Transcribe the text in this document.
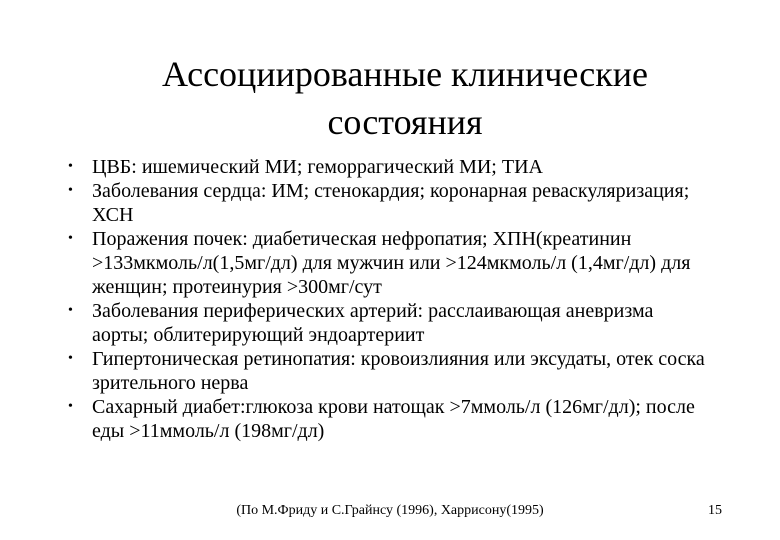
Ассоциированные клинические
состояния
• ЦВБ: ишемический МИ; геморрагический МИ; ТИА
• Заболевания сердца: ИМ; стенокардия; коронарная реваскуляризация; ХСН
• Поражения почек: диабетическая нефропатия; ХПН(креатинин >133мкмоль/л(1,5мг/дл) для мужчин или >124мкмоль/л (1,4мг/дл) для женщин; протеинурия >300мг/сут
• Заболевания периферических артерий: расслаивающая аневризма аорты; облитерирующий эндоартериит
• Гипертоническая ретинопатия: кровоизлияния или эксудаты, отек соска зрительного нерва
• Сахарный диабет:глюкоза крови натощак >7ммоль/л (126мг/дл); после еды >11ммоль/л (198мг/дл)
(По М.Фриду и С.Грайнсу (1996), Харрисону(1995)	15
